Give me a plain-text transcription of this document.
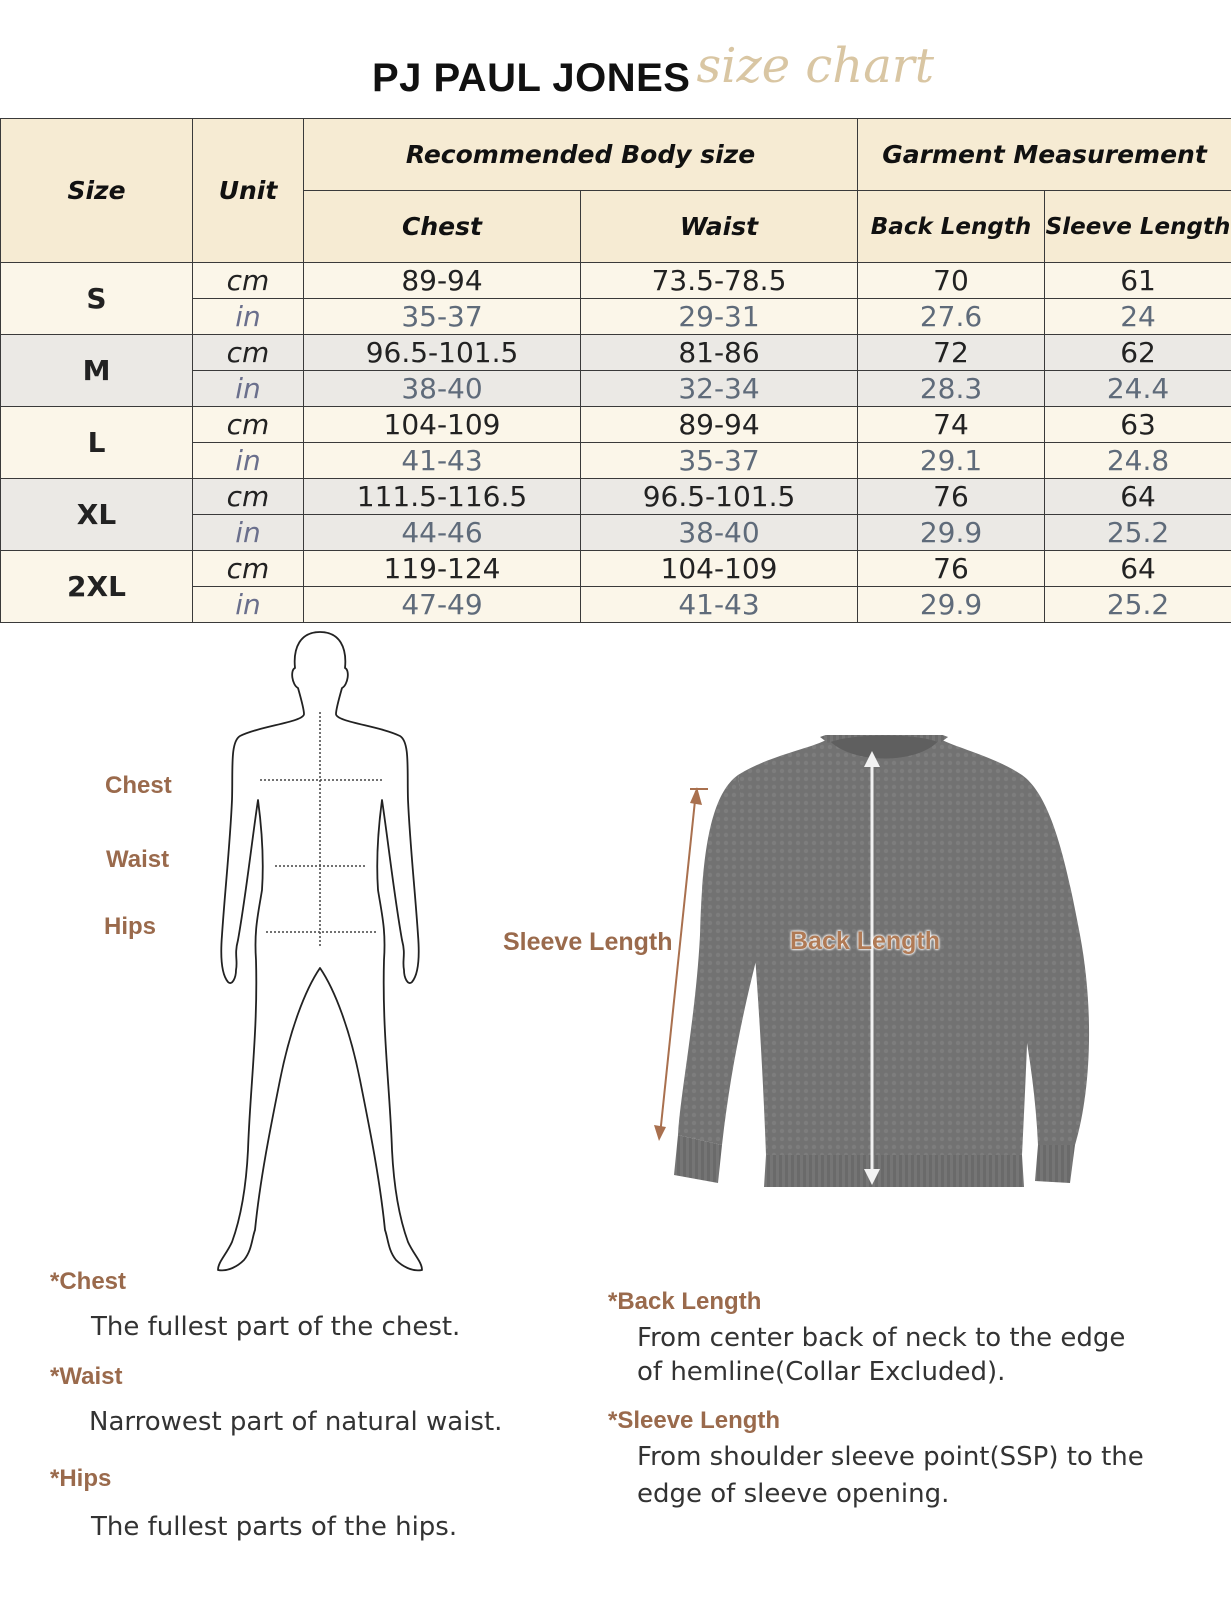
PJ PAUL JONES size chart
Size	Unit	Recommended Body size		Garment Measurement	
		Chest	Waist	Back Length	Sleeve Length
S	cm	89-94	73.5-78.5	70	61
	in	35-37	29-31	27.6	24
M	cm	96.5-101.5	81-86	72	62
	in	38-40	32-34	28.3	24.4
L	cm	104-109	89-94	74	63
	in	41-43	35-37	29.1	24.8
XL	cm	111.5-116.5	96.5-101.5	76	64
	in	44-46	38-40	29.9	25.2
2XL	cm	119-124	104-109	76	64
	in	47-49	41-43	29.9	25.2
Chest
Waist
Hips
Sleeve Length	Back Length
*Chest
The fullest part of the chest.
*Waist
Narrowest part of natural waist.
*Hips
The fullest parts of the hips.
*Back Length
From center back of neck to the edge
of hemline(Collar Excluded).
*Sleeve Length
From shoulder sleeve point(SSP) to the
edge of sleeve opening.
